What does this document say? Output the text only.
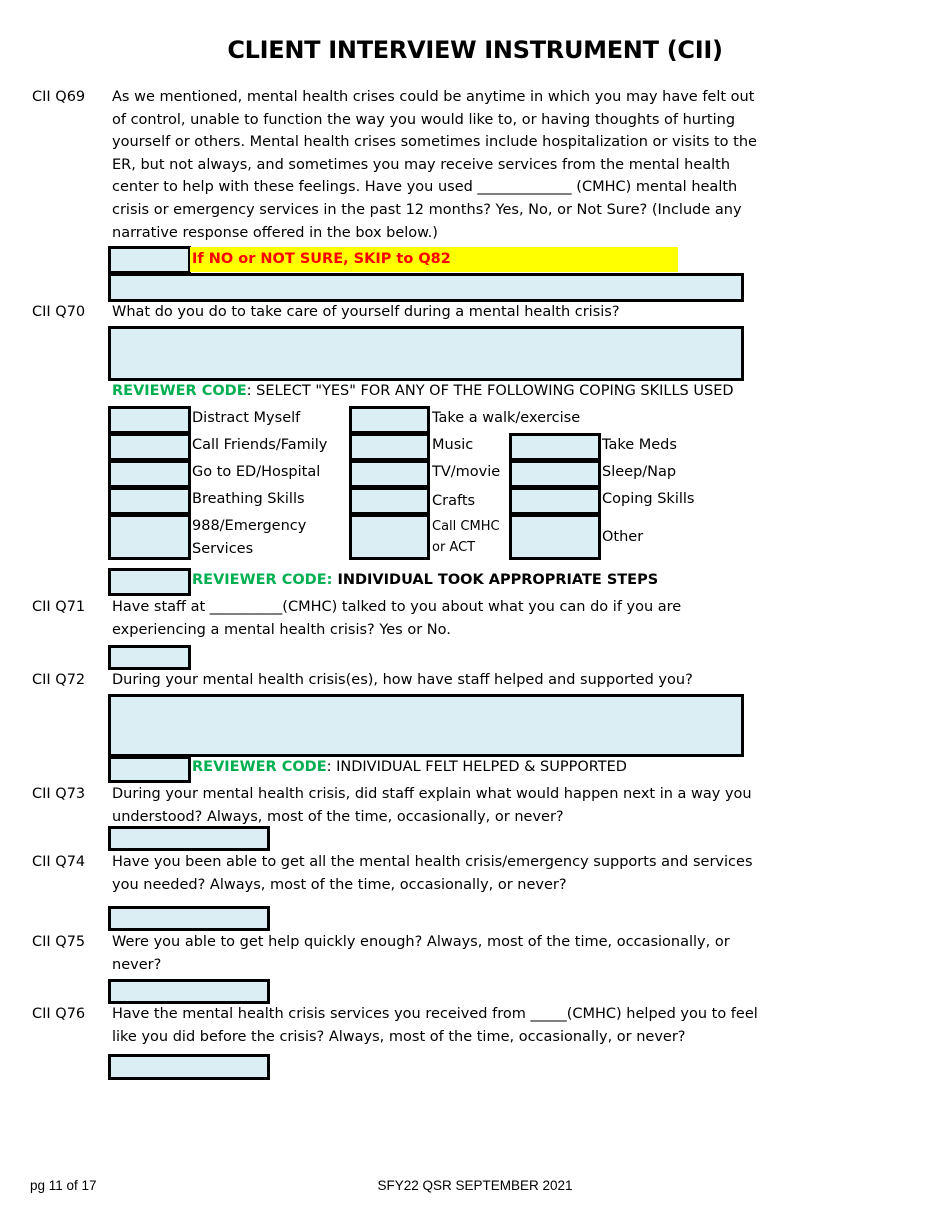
CLIENT INTERVIEW INSTRUMENT (CII)
CII Q69 As we mentioned, mental health crises could be anytime in which you may have felt out
of control, unable to function the way you would like to, or having thoughts of hurting
yourself or others. Mental health crises sometimes include hospitalization or visits to the
ER, but not always, and sometimes you may receive services from the mental health
center to help with these feelings. Have you used _____________ (CMHC) mental health
crisis or emergency services in the past 12 months? Yes, No, or Not Sure? (Include any
narrative response offered in the box below.)
If NO or NOT SURE, SKIP to Q82
CII Q70 What do you do to take care of yourself during a mental health crisis?
REVIEWER CODE: SELECT "YES" FOR ANY OF THE FOLLOWING COPING SKILLS USED
Distract Myself
Call Friends/Family
Go to ED/Hospital
Breathing Skills
988/Emergency
Services
Take a walk/exercise
Music
TV/movie
Crafts
Call CMHC
or ACT
Take Meds
Sleep/Nap
Coping Skills
Other
REVIEWER CODE: INDIVIDUAL TOOK APPROPRIATE STEPS
CII Q71 Have staff at __________(CMHC) talked to you about what you can do if you are
experiencing a mental health crisis? Yes or No.
CII Q72 During your mental health crisis(es), how have staff helped and supported you?
REVIEWER CODE: INDIVIDUAL FELT HELPED & SUPPORTED
CII Q73 During your mental health crisis, did staff explain what would happen next in a way you
understood? Always, most of the time, occasionally, or never?
CII Q74 Have you been able to get all the mental health crisis/emergency supports and services
you needed? Always, most of the time, occasionally, or never?
CII Q75 Were you able to get help quickly enough? Always, most of the time, occasionally, or
never?
CII Q76 Have the mental health crisis services you received from _____(CMHC) helped you to feel
like you did before the crisis? Always, most of the time, occasionally, or never?
pg 11 of 17	SFY22 QSR SEPTEMBER 2021
